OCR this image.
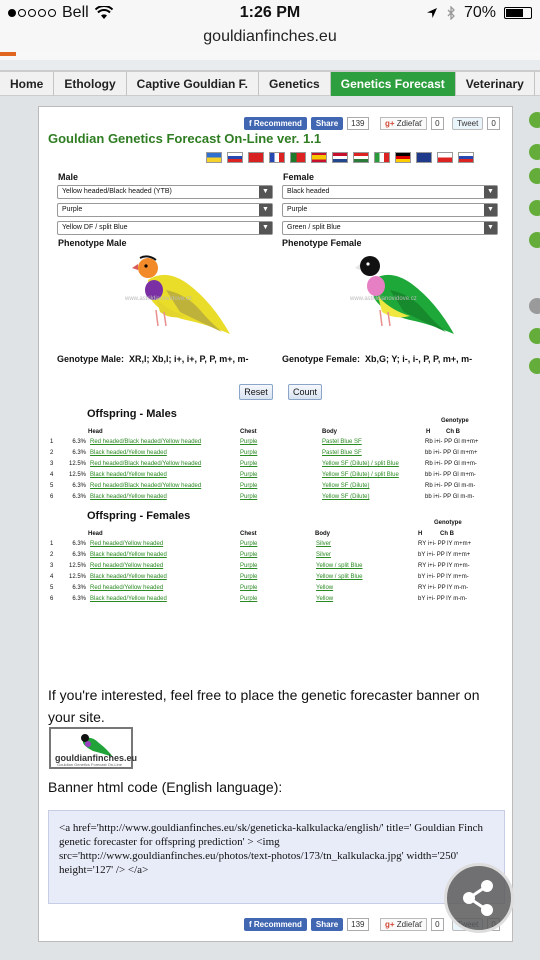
Bell	1:26 PM	70%
gouldianfinches.eu
Home	Ethology	Captive Gouldian F.	Genetics	Genetics Forecast	Veterinary
f Recommend	Share	139	g+ Zdieľať	0	Tweet	0
Gouldian Genetics Forecast On-Line ver. 1.1
Male	Female
Yellow headed/Black headed (YTB)	▼
Purple	▼
Yellow DF / split Blue	▼
Black headed	▼
Purple	▼
Green / split Blue	▼
Phenotype Male	Phenotype Female
www.astrildianovidove.cz	www.astrildianovidove.cz
Genotype Male: XR,l; Xb,l; i+, i+, P, P, m+, m-	Genotype Female: Xb,G; Y; i-, i-, P, P, m+, m-
Reset	Count
Offspring - Males
Genotype
Head	Chest	Body	H	Ch B
1	6.3% Red headed/Black headed/Yellow headed	Purple	Pastel Blue SF	Rb i+i- PP Gl m+m+
2	6.3% Black headed/Yellow headed	Purple	Pastel Blue SF	bb i+i- PP Gl m+m+
3	12.5% Red headed/Black headed/Yellow headed	Purple	Yellow SF (Dilute) / split Blue	Rb i+i- PP Gl m+m-
4	12.5% Black headed/Yellow headed	Purple	Yellow SF (Dilute) / split Blue	bb i+i- PP Gl m+m-
5	6.3% Red headed/Black headed/Yellow headed	Purple	Yellow SF (Dilute)	Rb i+i- PP Gl m-m-
6	6.3% Black headed/Yellow headed	Purple	Yellow SF (Dilute)	bb i+i- PP Gl m-m-
Offspring - Females
Genotype
Head	Chest	Body	H	Ch B
1	6.3% Red headed/Yellow headed	Purple	Silver	RY i+i- PP lY m+m+
2	6.3% Black headed/Yellow headed	Purple	Silver	bY i+i- PP lY m+m+
3	12.5% Red headed/Yellow headed	Purple	Yellow / split Blue	RY i+i- PP lY m+m-
4	12.5% Black headed/Yellow headed	Purple	Yellow / split Blue	bY i+i- PP lY m+m-
5	6.3% Red headed/Yellow headed	Purple	Yellow	RY i+i- PP lY m-m-
6	6.3% Black headed/Yellow headed	Purple	Yellow	bY i+i- PP lY m-m-
If you're interested, feel free to place the genetic forecaster banner on your site.
gouldianfinches.eu
Gouldian Genetics Forecast On-Line
Banner html code (English language):
<a href='http://www.gouldianfinches.eu/sk/geneticka-kalkulacka/english/' title=' Gouldian Finch genetic forecaster for offspring prediction' > <img src='http://www.gouldianfinches.eu/photos/text-photos/173/tn_kalkulacka.jpg' width='250' height='127' /> </a>
f Recommend	Share	139	g+ Zdieľať	0
